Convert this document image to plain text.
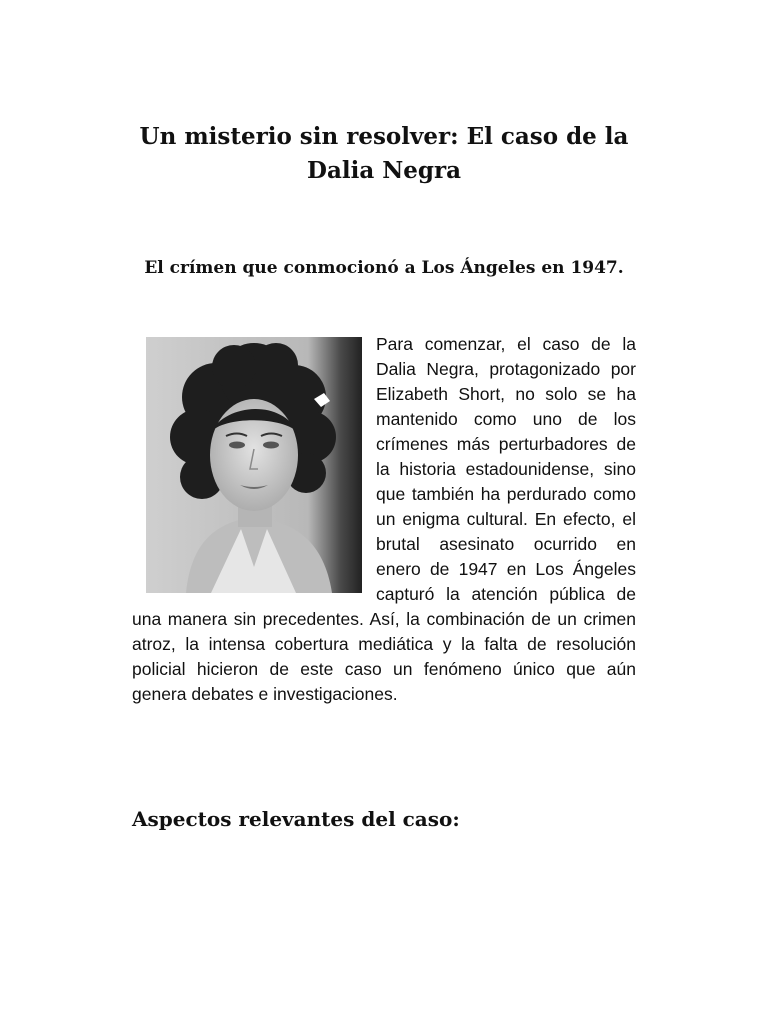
Un misterio sin resolver: El caso de la Dalia Negra
El crímen que conmocionó a Los Ángeles en 1947.
Para comenzar, el caso de la Dalia Negra, protagonizado por Elizabeth Short, no solo se ha mantenido como uno de los crímenes más perturbadores de la historia estadounidense, sino que también ha perdurado como un enigma cultural. En efecto, el brutal asesinato ocurrido en enero de 1947 en Los Ángeles capturó la atención pública de una manera sin precedentes. Así, la combinación de un crimen atroz, la intensa cobertura mediática y la falta de resolución policial hicieron de este caso un fenómeno único que aún genera debates e investigaciones.
Aspectos relevantes del caso:
